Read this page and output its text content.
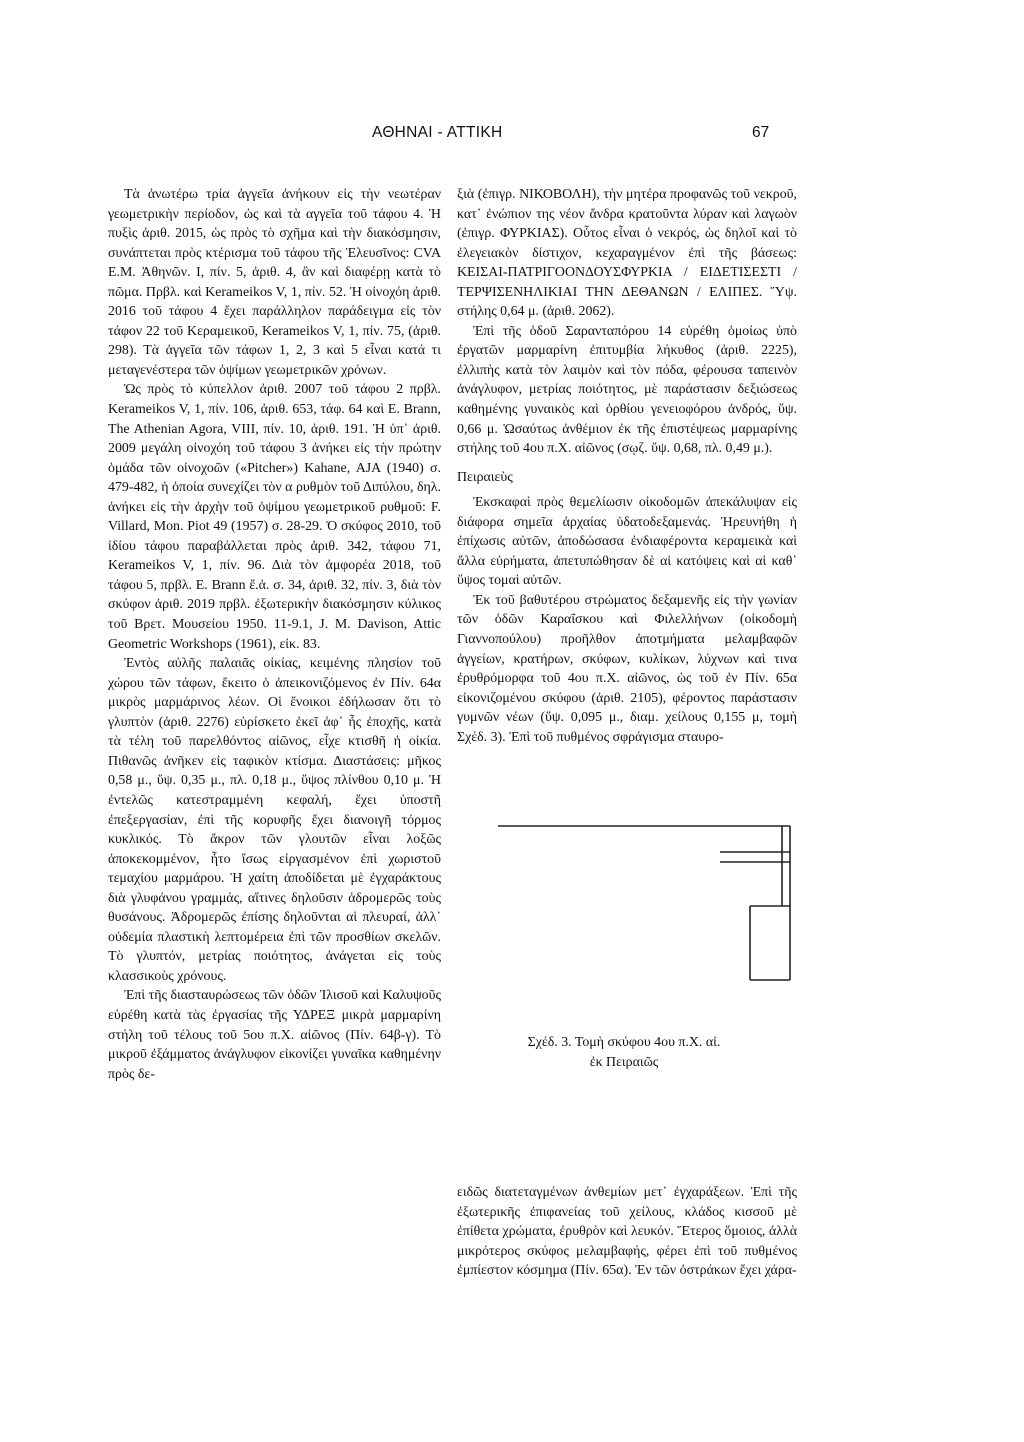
ΑΘΗΝΑΙ - ΑΤΤΙΚΗ	67

Τὰ ἀνωτέρω τρία ἀγγεῖα ἀνήκουν εἰς τὴν νεωτέραν γεωμετρικὴν περίοδον, ὡς καὶ τὰ αγγεῖα τοῦ τάφου 4. Ἡ πυξὶς ἀριθ. 2015, ὡς πρὸς τὸ σχῆμα καὶ τὴν διακόσμησιν, συνάπτεται πρὸς κτέρισμα τοῦ τάφου τῆς Ἐλευσῖνος: CVA E.M. Ἀθηνῶν. I, πίν. 5, ἀριθ. 4, ἂν καὶ διαφέρῃ κατὰ τὸ πῶμα. Πρβλ. καὶ Kerameikos V, 1, πίν. 52. Ἡ οἰνοχόη ἀριθ. 2016 τοῦ τάφου 4 ἔχει παράλληλον παράδειγμα εἰς τὸν τάφον 22 τοῦ Κεραμεικοῦ, Kerameikos V, 1, πίν. 75, (ἀριθ. 298). Τὰ ἀγγεῖα τῶν τάφων 1, 2, 3 καὶ 5 εἶναι κατά τι μεταγενέστερα τῶν ὀψίμων γεωμετρικῶν χρόνων.

Ὡς πρὸς τὸ κύπελλον ἀριθ. 2007 τοῦ τάφου 2 πρβλ. Kerameikos V, 1, πίν. 106, ἀριθ. 653, τάφ. 64 καὶ E. Brann, The Athenian Agora, VIII, πίν. 10, ἀριθ. 191. Ἡ ὑπ᾽ ἀριθ. 2009 μεγάλη οἰνοχόη τοῦ τάφου 3 ἀνήκει εἰς τὴν πρώτην ὁμάδα τῶν οἰνοχοῶν («Pitcher») Kahane, AJA (1940) σ. 479-482, ἡ ὁποία συνεχίζει τὸν α ρυθμὸν τοῦ Διπύλου, δηλ. ἀνήκει εἰς τὴν ἀρχὴν τοῦ ὀψίμου γεωμετρικοῦ ρυθμοῦ: F. Villard, Mon. Piot 49 (1957) σ. 28-29. Ὁ σκύφος 2010, τοῦ ἰδίου τάφου παραβάλλεται πρὸς ἀριθ. 342, τάφου 71, Kerameikos V, 1, πίν. 96. Διὰ τὸν ἀμφορέα 2018, τοῦ τάφου 5, πρβλ. E. Brann ἔ.ἀ. σ. 34, ἀριθ. 32, πίν. 3, διὰ τὸν σκύφον ἀριθ. 2019 πρβλ. ἐξωτερικὴν διακόσμησιν κύλικος τοῦ Βρετ. Μουσείου 1950. 11-9.1, J. M. Davison, Attic Geometric Workshops (1961), εἰκ. 83.

Ἐντὸς αὐλῆς παλαιᾶς οἰκίας, κειμένης πλησίον τοῦ χώρου τῶν τάφων, ἔκειτο ὁ ἀπεικονιζόμενος ἐν Πίν. 64α μικρὸς μαρμάρινος λέων. Οἱ ἔνοικοι ἐδήλωσαν ὅτι τὸ γλυπτὸν (ἀριθ. 2276) εὑρίσκετο ἐκεῖ ἀφ᾽ ἧς ἐποχῆς, κατὰ τὰ τέλη τοῦ παρελθόντος αἰῶνος, εἶχε κτισθῆ ἡ οἰκία. Πιθανῶς ἀνῆκεν εἰς ταφικὸν κτίσμα. Διαστάσεις: μῆκος 0,58 μ., ὕψ. 0,35 μ., πλ. 0,18 μ., ὕψος πλίνθου 0,10 μ. Ἡ ἐντελῶς κατεστραμμένη κεφαλή, ἔχει ὑποστῆ ἐπεξεργασίαν, ἐπὶ τῆς κορυφῆς ἔχει διανοιγῆ τόρμος κυκλικός. Τὸ ἄκρον τῶν γλουτῶν εἶναι λοξῶς ἀποκεκομμένον, ἦτο ἴσως εἰργασμένον ἐπὶ χωριστοῦ τεμαχίου μαρμάρου. Ἡ χαίτη ἀποδίδεται μὲ ἐγχαράκτους διὰ γλυφάνου γραμμάς, αἵτινες δηλοῦσιν ἁδρομερῶς τοὺς θυσάνους. Ἁδρομερῶς ἐπίσης δηλοῦνται αἱ πλευραί, ἀλλ᾽ οὐδεμία πλαστικὴ λεπτομέρεια ἐπὶ τῶν προσθίων σκελῶν. Τὸ γλυπτόν, μετρίας ποιότητος, ἀνάγεται εἰς τοὺς κλασσικοὺς χρόνους.

Ἐπὶ τῆς διασταυρώσεως τῶν ὁδῶν Ἰλισοῦ καὶ Καλυψοῦς εὑρέθη κατὰ τὰς ἐργασίας τῆς ΥΔΡΕΞ μικρὰ μαρμαρίνη στήλη τοῦ τέλους τοῦ 5ου π.Χ. αἰῶνος (Πίν. 64β-γ). Τὸ μικροῦ ἐξάμματος ἀνάγλυφον εἰκονίζει γυναῖκα καθημένην πρὸς δε-

ξιὰ (ἐπιγρ. ΝΙΚΟΒΟΛΗ), τὴν μητέρα προφανῶς τοῦ νεκροῦ, κατ᾽ ἐνώπιον της νέον ἄνδρα κρατοῦντα λύραν καὶ λαγωὸν (ἐπιγρ. ΦΥΡΚΙΑΣ). Οὗτος εἶναι ὁ νεκρός, ὡς δηλοῖ καὶ τὸ ἐλεγειακὸν δίστιχον, κεχαραγμένον ἐπὶ τῆς βάσεως: ΚΕΙΣΑΙ-ΠΑΤΡΙΓΟΟΝΔΟΥΣΦΥΡΚΙΑ / ΕΙΔΕΤΙΣΕΣΤΙ / ΤΕΡΨΙΣΕΝΗΛΙΚΙΑΙ ΤΗΝ ΔΕΘΑΝΩΝ / ΕΛΙΠΕΣ. Ὕψ. στήλης 0,64 μ. (ἀριθ. 2062).

Ἐπὶ τῆς ὁδοῦ Σαρανταπόρου 14 εὑρέθη ὁμοίως ὑπὸ ἐργατῶν μαρμαρίνη ἐπιτυμβία λήκυθος (ἀριθ. 2225), ἐλλιπὴς κατὰ τὸν λαιμὸν καὶ τὸν πόδα, φέρουσα ταπεινὸν ἀνάγλυφον, μετρίας ποιότητος, μὲ παράστασιν δεξιώσεως καθημένης γυναικὸς καὶ ὀρθίου γενειοφόρου ἀνδρός, ὕψ. 0,66 μ. Ὡσαύτως ἀνθέμιον ἐκ τῆς ἐπιστέψεως μαρμαρίνης στήλης τοῦ 4ου π.Χ. αἰῶνος (σῳζ. ὕψ. 0,68, πλ. 0,49 μ.).

Πειραιεὺς

Ἐκσκαφαὶ πρὸς θεμελίωσιν οἰκοδομῶν ἀπεκάλυψαν εἰς διάφορα σημεῖα ἀρχαίας ὑδατοδεξαμενάς. Ἠρευνήθη ἡ ἐπίχωσις αὐτῶν, ἀποδώσασα ἐνδιαφέροντα κεραμεικὰ καὶ ἄλλα εὑρήματα, ἀπετυπώθησαν δὲ αἱ κατόψεις καὶ αἱ καθ᾽ ὕψος τομαὶ αὐτῶν.

Ἐκ τοῦ βαθυτέρου στρώματος δεξαμενῆς εἰς τὴν γωνίαν τῶν ὁδῶν Καραΐσκου καὶ Φιλελλήνων (οἰκοδομὴ Γιαννοπούλου) προῆλθον ἀποτμήματα μελαμβαφῶν ἀγγείων, κρατήρων, σκύφων, κυλίκων, λύχνων καὶ τινα ἐρυθρόμορφα τοῦ 4ου π.Χ. αἰῶνος, ὡς τοῦ ἐν Πίν. 65α εἰκονιζομένου σκύφου (ἀριθ. 2105), φέροντος παράστασιν γυμνῶν νέων (ὕψ. 0,095 μ., διαμ. χείλους 0,155 μ, τομὴ Σχέδ. 3). Ἐπὶ τοῦ πυθμένος σφράγισμα σταυρο-

Σχέδ. 3. Τομὴ σκύφου 4ου π.Χ. αἰ.
ἐκ Πειραιῶς

ειδῶς διατεταγμένων ἀνθεμίων μετ᾽ ἐγχαράξεων. Ἐπὶ τῆς ἐξωτερικῆς ἐπιφανείας τοῦ χείλους, κλάδος κισσοῦ μὲ ἐπίθετα χρώματα, ἐρυθρὸν καὶ λευκόν. Ἕτερος ὅμοιος, ἀλλὰ μικρότερος σκύφος μελαμβαφής, φέρει ἐπὶ τοῦ πυθμένος ἐμπίεστον κόσμημα (Πίν. 65α). Ἐν τῶν ὀστράκων ἔχει χάρα-
